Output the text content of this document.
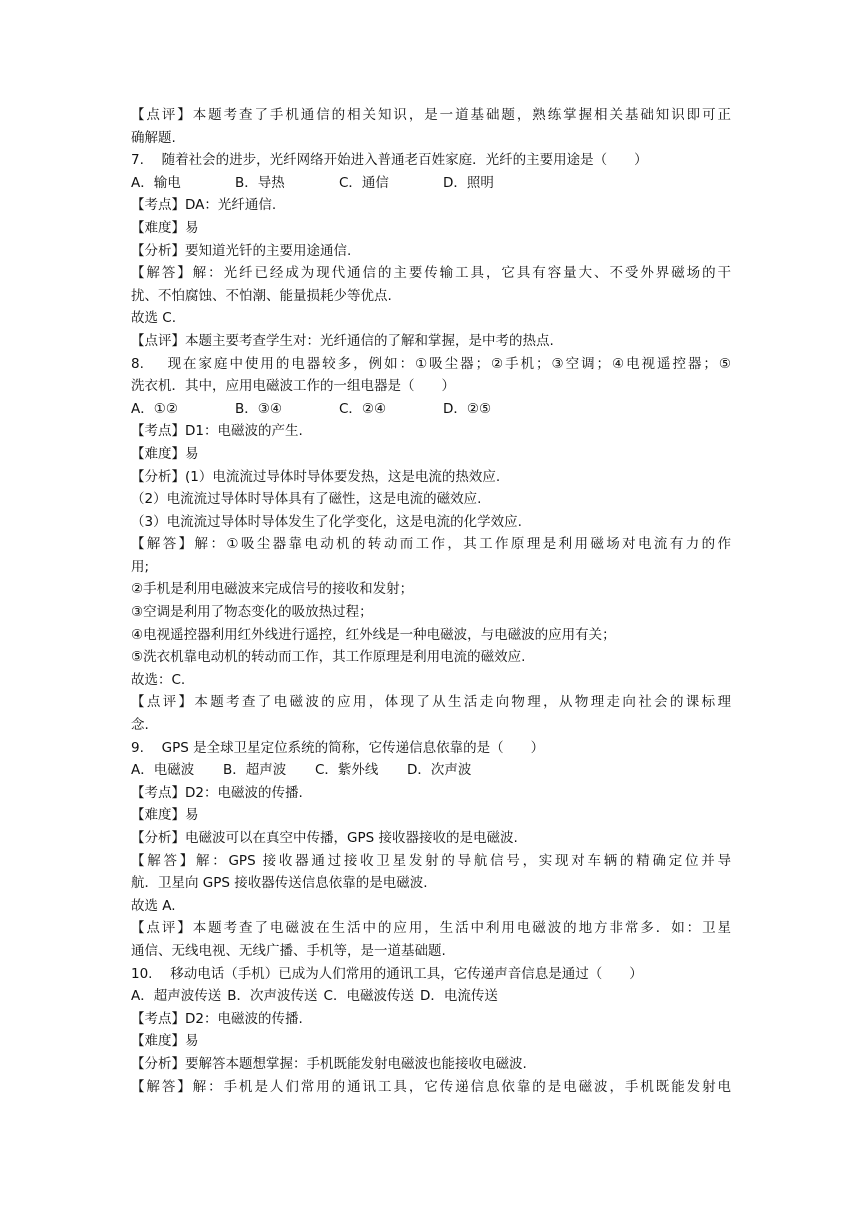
【点评】本题考查了手机通信的相关知识，是一道基础题，熟练掌握相关基础知识即可正
确解题.
7.　 随着社会的进步，光纤网络开始进入普通老百姓家庭．光纤的主要用途是（　　）
A．输电	B．导热	C．通信	D．照明
【考点】DA：光纤通信.
【难度】易
【分析】要知道光钎的主要用途通信.
【解答】解：光纤已经成为现代通信的主要传输工具，它具有容量大、不受外界磁场的干
扰、不怕腐蚀、不怕潮、能量损耗少等优点.
故选 C.
【点评】本题主要考查学生对：光纤通信的了解和掌握，是中考的热点.
8.　 现在家庭中使用的电器较多，例如：①吸尘器；②手机；③空调；④电视遥控器；⑤
洗衣机．其中，应用电磁波工作的一组电器是（　　）
A．①②	B．③④	C．②④	D．②⑤
【考点】D1：电磁波的产生.
【难度】易
【分析】(1）电流流过导体时导体要发热，这是电流的热效应.
（2）电流流过导体时导体具有了磁性，这是电流的磁效应.
（3）电流流过导体时导体发生了化学变化，这是电流的化学效应.
【解答】解：①吸尘器靠电动机的转动而工作，其工作原理是利用磁场对电流有力的作
用;
②手机是利用电磁波来完成信号的接收和发射；
③空调是利用了物态变化的吸放热过程；
④电视遥控器利用红外线进行遥控，红外线是一种电磁波，与电磁波的应用有关；
⑤洗衣机靠电动机的转动而工作，其工作原理是利用电流的磁效应.
故选：C.
【点评】本题考查了电磁波的应用，体现了从生活走向物理，从物理走向社会的课标理
念.
9.　 GPS 是全球卫星定位系统的简称，它传递信息依靠的是（　　）
A．电磁波	B．超声波	C．紫外线	D．次声波
【考点】D2：电磁波的传播.
【难度】易
【分析】电磁波可以在真空中传播，GPS 接收器接收的是电磁波.
【解答】解：GPS 接收器通过接收卫星发射的导航信号，实现对车辆的精确定位并导
航．卫星向 GPS 接收器传送信息依靠的是电磁波.
故选 A.
【点评】本题考查了电磁波在生活中的应用，生活中利用电磁波的地方非常多．如：卫星
通信、无线电视、无线广播、手机等，是一道基础题.
10.　 移动电话（手机）已成为人们常用的通讯工具，它传递声音信息是通过（　　）
A．超声波传送 B．次声波传送 C．电磁波传送 D．电流传送
【考点】D2：电磁波的传播.
【难度】易
【分析】要解答本题想掌握：手机既能发射电磁波也能接收电磁波.
【解答】解：手机是人们常用的通讯工具，它传递信息依靠的是电磁波，手机既能发射电
